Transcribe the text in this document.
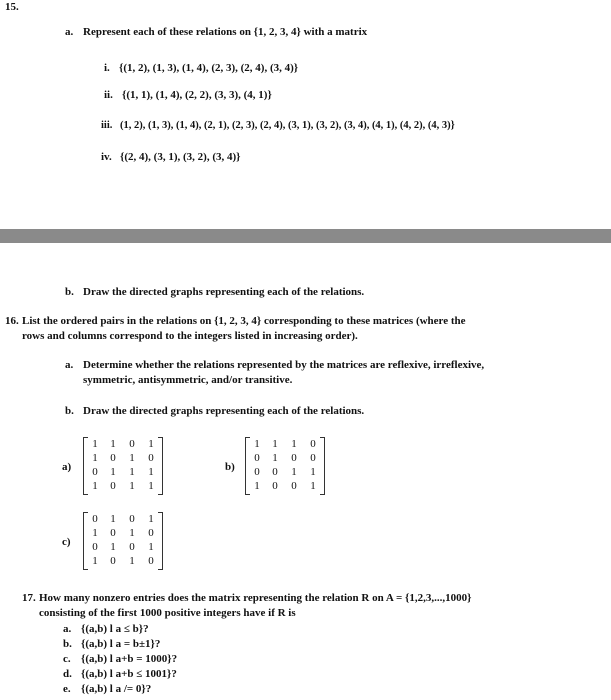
15.
a. Represent each of these relations on {1, 2, 3, 4} with a matrix
i. {(1, 2), (1, 3), (1, 4), (2, 3), (2, 4), (3, 4)}
ii. {(1, 1), (1, 4), (2, 2), (3, 3), (4, 1)}
iii. (1, 2), (1, 3), (1, 4), (2, 1), (2, 3), (2, 4), (3, 1), (3, 2), (3, 4), (4, 1), (4, 2), (4, 3)}
iv. {(2, 4), (3, 1), (3, 2), (3, 4)}
b. Draw the directed graphs representing each of the relations.
16. List the ordered pairs in the relations on {1, 2, 3, 4} corresponding to these matrices (where the
rows and columns correspond to the integers listed in increasing order).
a. Determine whether the relations represented by the matrices are reflexive, irreflexive,
symmetric, antisymmetric, and/or transitive.
b. Draw the directed graphs representing each of the relations.
a)
1 1 0 1
1 0 1 0
0 1 1 1
1 0 1 1
b)
1 1 1 0
0 1 0 0
0 0 1 1
1 0 0 1
c)
0 1 0 1
1 0 1 0
0 1 0 1
1 0 1 0
17. How many nonzero entries does the matrix representing the relation R on A = {1,2,3,...,1000}
consisting of the first 1000 positive integers have if R is
a. {(a,b) l a ≤ b}?
b. {(a,b) l a = b±1}?
c. {(a,b) l a+b = 1000}?
d. {(a,b) l a+b ≤ 1001}?
e. {(a,b) l a /= 0}?
